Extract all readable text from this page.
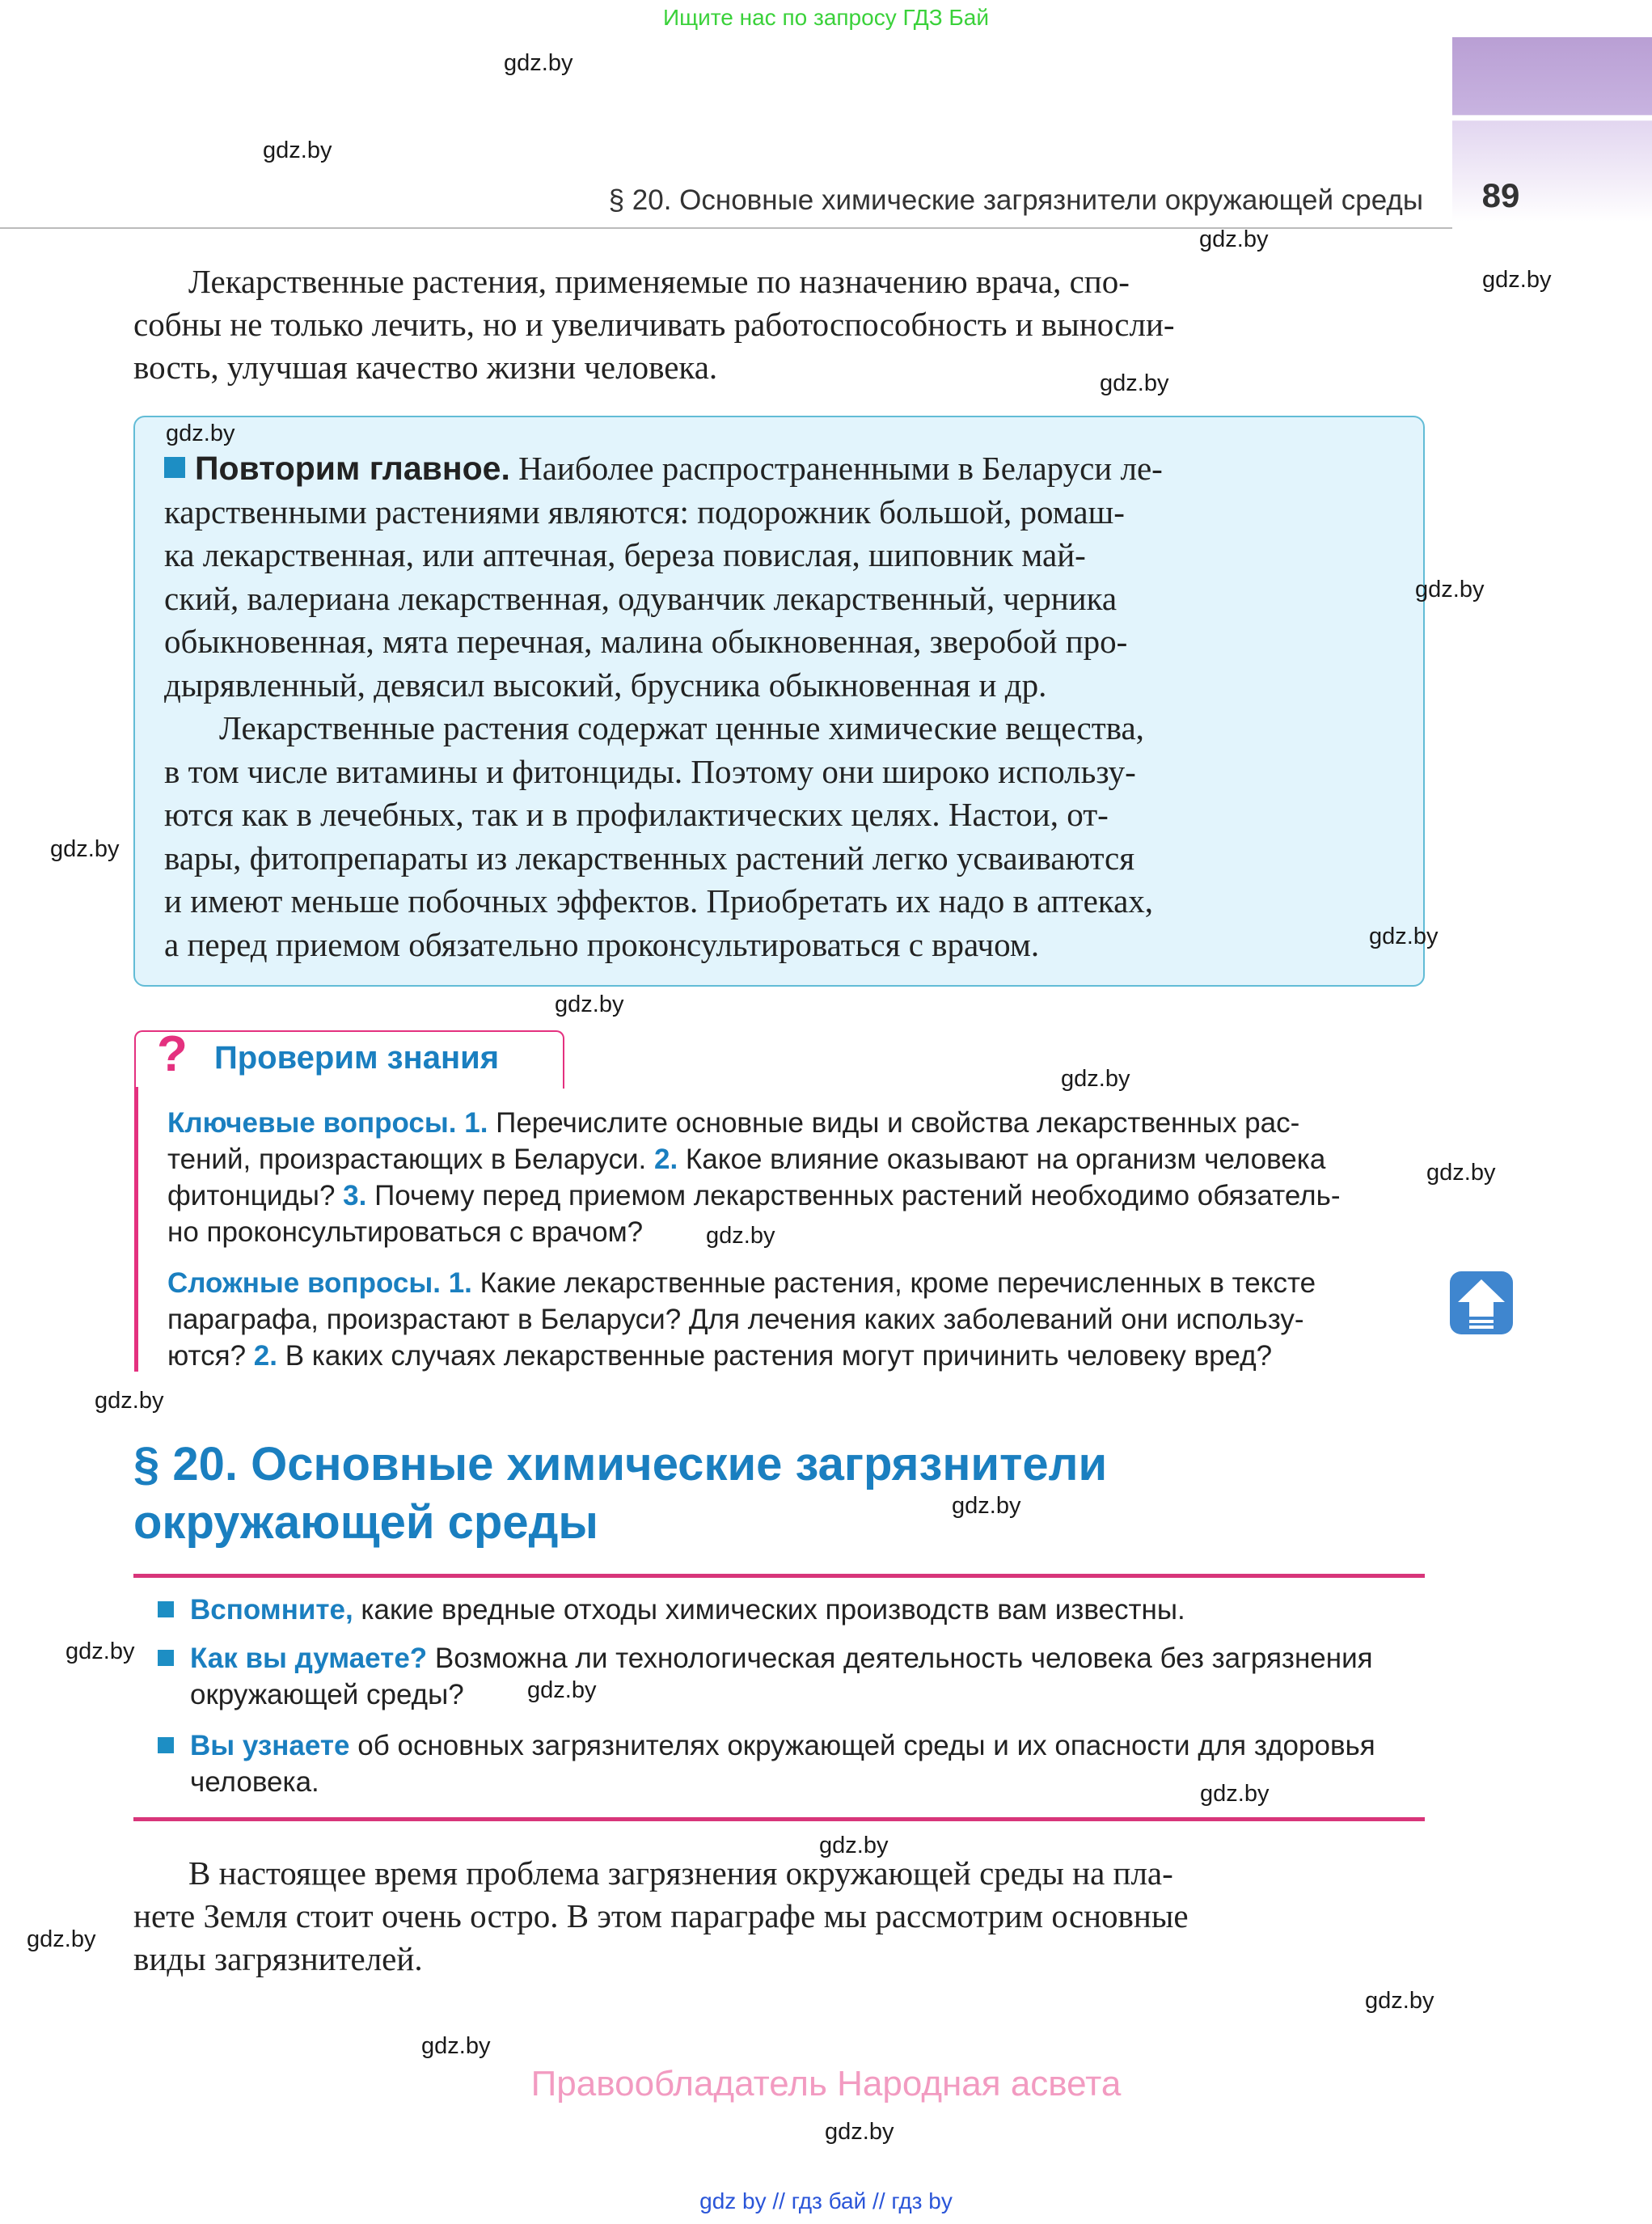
Ищите нас по запросу ГДЗ Бай
89
§ 20. Основные химические загрязнители окружающей среды
Лекарственные растения, применяемые по назначению врача, спо-
собны не только лечить, но и увеличивать работоспособность и выносли-
вость, улучшая качество жизни человека.
Повторим главное. Наиболее распространенными в Беларуси ле-
карственными растениями являются: подорожник большой, ромаш-
ка лекарственная, или аптечная, береза повислая, шиповник май-
ский, валериана лекарственная, одуванчик лекарственный, черника
обыкновенная, мята перечная, малина обыкновенная, зверобой про-
дырявленный, девясил высокий, брусника обыкновенная и др.
Лекарственные растения содержат ценные химические вещества,
в том числе витамины и фитонциды. Поэтому они широко использу-
ются как в лечебных, так и в профилактических целях. Настои, от-
вары, фитопрепараты из лекарственных растений легко усваиваются
и имеют меньше побочных эффектов. Приобретать их надо в аптеках,
а перед приемом обязательно проконсультироваться с врачом.
? Проверим знания
Ключевые вопросы. 1. Перечислите основные виды и свойства лекарственных рас-
тений, произрастающих в Беларуси. 2. Какое влияние оказывают на организм человека
фитонциды? 3. Почему перед приемом лекарственных растений необходимо обязатель-
но проконсультироваться с врачом?
Сложные вопросы. 1. Какие лекарственные растения, кроме перечисленных в тексте
параграфа, произрастают в Беларуси? Для лечения каких заболеваний они использу-
ются? 2. В каких случаях лекарственные растения могут причинить человеку вред?
§ 20. Основные химические загрязнители
окружающей среды
Вспомните, какие вредные отходы химических производств вам известны.
Как вы думаете? Возможна ли технологическая деятельность человека без загрязнения
окружающей среды?
Вы узнаете об основных загрязнителях окружающей среды и их опасности для здоровья
человека.
В настоящее время проблема загрязнения окружающей среды на пла-
нете Земля стоит очень остро. В этом параграфе мы рассмотрим основные
виды загрязнителей.
Правообладатель Народная асвета
gdz by // гдз бай // гдз by
gdz.by
gdz.by
gdz.by
gdz.by
gdz.by
gdz.by
gdz.by
gdz.by
gdz.by
gdz.by
gdz.by
gdz.by
gdz.by
gdz.by
gdz.by
gdz.by
gdz.by
gdz.by
gdz.by
gdz.by
gdz.by
gdz.by
gdz.by
